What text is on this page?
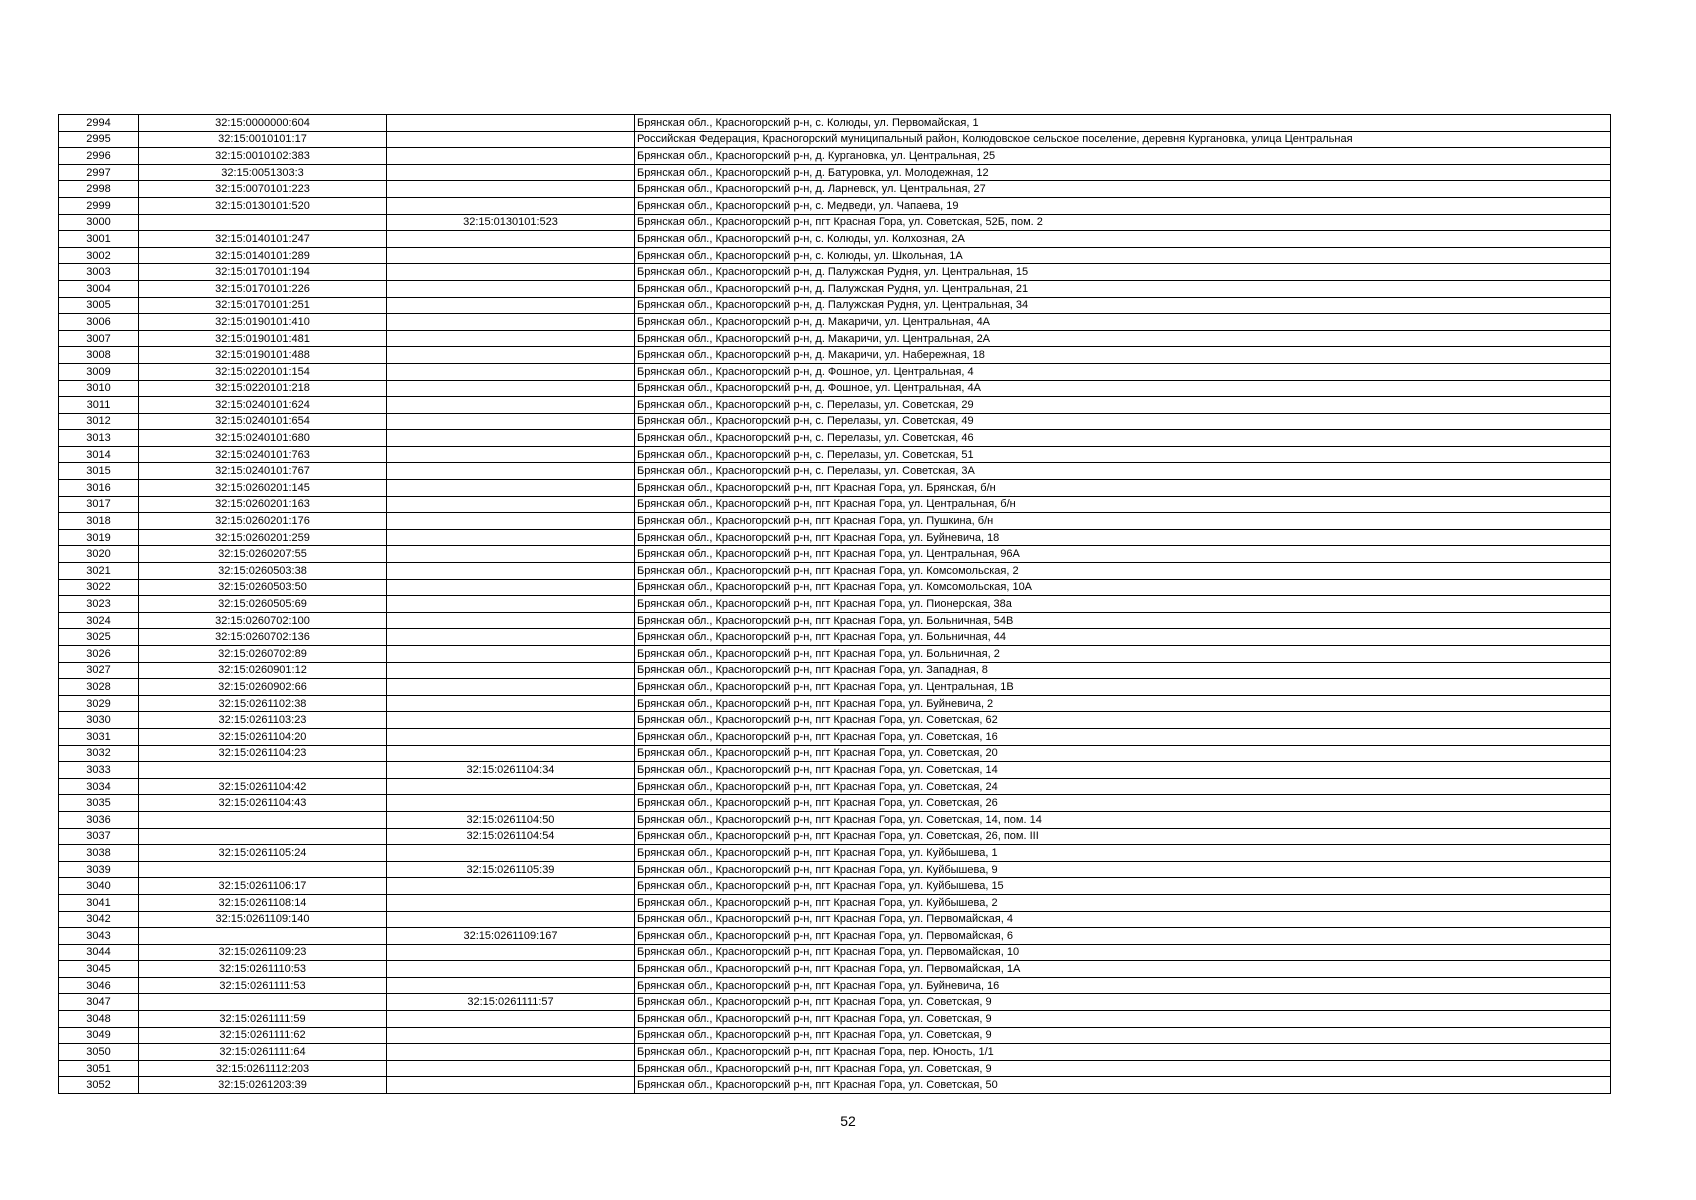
2994	32:15:0000000:604		Брянская обл., Красногорский р-н, с. Колюды, ул. Первомайская, 1
2995	32:15:0010101:17		Российская Федерация, Красногорский муниципальный район, Колюдовское сельское поселение, деревня Кургановка, улица Центральная
2996	32:15:0010102:383		Брянская обл., Красногорский р-н, д. Кургановка, ул. Центральная, 25
2997	32:15:0051303:3		Брянская обл., Красногорский р-н, д. Батуровка, ул. Молодежная, 12
2998	32:15:0070101:223		Брянская обл., Красногорский р-н, д. Ларневск, ул. Центральная, 27
2999	32:15:0130101:520		Брянская обл., Красногорский р-н, с. Медведи, ул. Чапаева, 19
3000		32:15:0130101:523	Брянская обл., Красногорский р-н, пгт Красная Гора, ул. Советская, 52Б, пом. 2
3001	32:15:0140101:247		Брянская обл., Красногорский р-н, с. Колюды, ул. Колхозная, 2А
3002	32:15:0140101:289		Брянская обл., Красногорский р-н, с. Колюды, ул. Школьная, 1А
3003	32:15:0170101:194		Брянская обл., Красногорский р-н, д. Палужская Рудня, ул. Центральная, 15
3004	32:15:0170101:226		Брянская обл., Красногорский р-н, д. Палужская Рудня, ул. Центральная, 21
3005	32:15:0170101:251		Брянская обл., Красногорский р-н, д. Палужская Рудня, ул. Центральная, 34
3006	32:15:0190101:410		Брянская обл., Красногорский р-н, д. Макаричи, ул. Центральная, 4А
3007	32:15:0190101:481		Брянская обл., Красногорский р-н, д. Макаричи, ул. Центральная, 2А
3008	32:15:0190101:488		Брянская обл., Красногорский р-н, д. Макаричи, ул. Набережная, 18
3009	32:15:0220101:154		Брянская обл., Красногорский р-н, д. Фошное, ул. Центральная, 4
3010	32:15:0220101:218		Брянская обл., Красногорский р-н, д. Фошное, ул. Центральная, 4А
3011	32:15:0240101:624		Брянская обл., Красногорский р-н, с. Перелазы, ул. Советская, 29
3012	32:15:0240101:654		Брянская обл., Красногорский р-н, с. Перелазы, ул. Советская, 49
3013	32:15:0240101:680		Брянская обл., Красногорский р-н, с. Перелазы, ул. Советская, 46
3014	32:15:0240101:763		Брянская обл., Красногорский р-н, с. Перелазы, ул. Советская, 51
3015	32:15:0240101:767		Брянская обл., Красногорский р-н, с. Перелазы, ул. Советская, 3А
3016	32:15:0260201:145		Брянская обл., Красногорский р-н, пгт Красная Гора, ул. Брянская, б/н
3017	32:15:0260201:163		Брянская обл., Красногорский р-н, пгт Красная Гора, ул. Центральная, б/н
3018	32:15:0260201:176		Брянская обл., Красногорский р-н, пгт Красная Гора, ул. Пушкина, б/н
3019	32:15:0260201:259		Брянская обл., Красногорский р-н, пгт Красная Гора, ул. Буйневича, 18
3020	32:15:0260207:55		Брянская обл., Красногорский р-н, пгт Красная Гора, ул. Центральная, 96А
3021	32:15:0260503:38		Брянская обл., Красногорский р-н, пгт Красная Гора, ул. Комсомольская, 2
3022	32:15:0260503:50		Брянская обл., Красногорский р-н, пгт Красная Гора, ул. Комсомольская, 10А
3023	32:15:0260505:69		Брянская обл., Красногорский р-н, пгт Красная Гора, ул. Пионерская, 38а
3024	32:15:0260702:100		Брянская обл., Красногорский р-н, пгт Красная Гора, ул. Больничная, 54В
3025	32:15:0260702:136		Брянская обл., Красногорский р-н, пгт Красная Гора, ул. Больничная, 44
3026	32:15:0260702:89		Брянская обл., Красногорский р-н, пгт Красная Гора, ул. Больничная, 2
3027	32:15:0260901:12		Брянская обл., Красногорский р-н, пгт Красная Гора, ул. Западная, 8
3028	32:15:0260902:66		Брянская обл., Красногорский р-н, пгт Красная Гора, ул. Центральная, 1В
3029	32:15:0261102:38		Брянская обл., Красногорский р-н, пгт Красная Гора, ул. Буйневича, 2
3030	32:15:0261103:23		Брянская обл., Красногорский р-н, пгт Красная Гора, ул. Советская, 62
3031	32:15:0261104:20		Брянская обл., Красногорский р-н, пгт Красная Гора, ул. Советская, 16
3032	32:15:0261104:23		Брянская обл., Красногорский р-н, пгт Красная Гора, ул. Советская, 20
3033		32:15:0261104:34	Брянская обл., Красногорский р-н, пгт Красная Гора, ул. Советская, 14
3034	32:15:0261104:42		Брянская обл., Красногорский р-н, пгт Красная Гора, ул. Советская, 24
3035	32:15:0261104:43		Брянская обл., Красногорский р-н, пгт Красная Гора, ул. Советская, 26
3036		32:15:0261104:50	Брянская обл., Красногорский р-н, пгт Красная Гора, ул. Советская, 14, пом. 14
3037		32:15:0261104:54	Брянская обл., Красногорский р-н, пгт Красная Гора, ул. Советская, 26, пом. III
3038	32:15:0261105:24		Брянская обл., Красногорский р-н, пгт Красная Гора, ул. Куйбышева, 1
3039		32:15:0261105:39	Брянская обл., Красногорский р-н, пгт Красная Гора, ул. Куйбышева, 9
3040	32:15:0261106:17		Брянская обл., Красногорский р-н, пгт Красная Гора, ул. Куйбышева, 15
3041	32:15:0261108:14		Брянская обл., Красногорский р-н, пгт Красная Гора, ул. Куйбышева, 2
3042	32:15:0261109:140		Брянская обл., Красногорский р-н, пгт Красная Гора, ул. Первомайская, 4
3043		32:15:0261109:167	Брянская обл., Красногорский р-н, пгт Красная Гора, ул. Первомайская, 6
3044	32:15:0261109:23		Брянская обл., Красногорский р-н, пгт Красная Гора, ул. Первомайская, 10
3045	32:15:0261110:53		Брянская обл., Красногорский р-н, пгт Красная Гора, ул. Первомайская, 1А
3046	32:15:0261111:53		Брянская обл., Красногорский р-н, пгт Красная Гора, ул. Буйневича, 16
3047		32:15:0261111:57	Брянская обл., Красногорский р-н, пгт Красная Гора, ул. Советская, 9
3048	32:15:0261111:59		Брянская обл., Красногорский р-н, пгт Красная Гора, ул. Советская, 9
3049	32:15:0261111:62		Брянская обл., Красногорский р-н, пгт Красная Гора, ул. Советская, 9
3050	32:15:0261111:64		Брянская обл., Красногорский р-н, пгт Красная Гора, пер. Юность, 1/1
3051	32:15:0261112:203		Брянская обл., Красногорский р-н, пгт Красная Гора, ул. Советская, 9
3052	32:15:0261203:39		Брянская обл., Красногорский р-н, пгт Красная Гора, ул. Советская, 50
52
